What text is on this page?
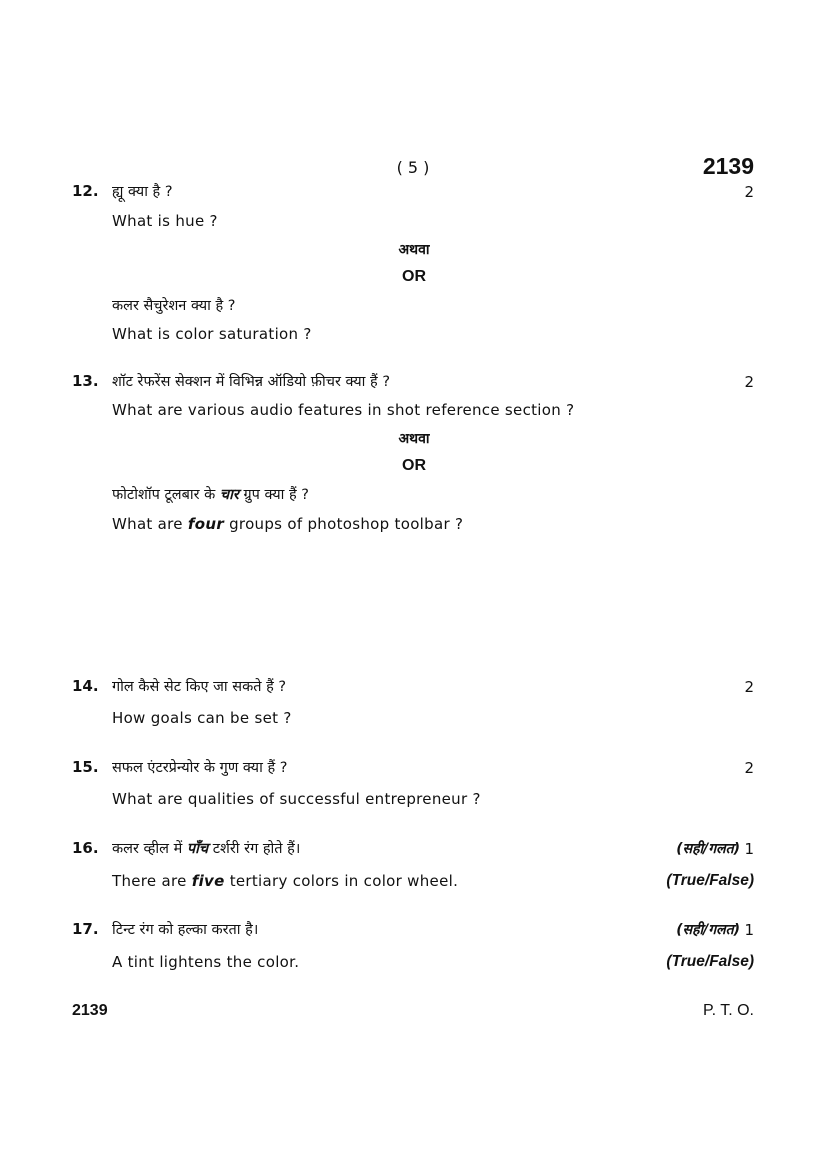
( 5 )	2139
12. ह्यू क्या है ?	2
What is hue ?
अथवा
OR
कलर सैचुरेशन क्या है ?
What is color saturation ?
13. शॉट रेफरेंस सेक्शन में विभिन्न ऑडियो फ़ीचर क्या हैं ?	2
What are various audio features in shot reference section ?
अथवा
OR
फोटोशॉप टूलबार के चार ग्रुप क्या हैं ?
What are four groups of photoshop toolbar ?
14. गोल कैसे सेट किए जा सकते हैं ?	2
How goals can be set ?
15. सफल एंटरप्रेन्योर के गुण क्या हैं ?	2
What are qualities of successful entrepreneur ?
16. कलर व्हील में पाँच टर्शरी रंग होते हैं।	(सही/गलत) 1
There are five tertiary colors in color wheel.	(True/False)
17. टिन्ट रंग को हल्का करता है।	(सही/गलत) 1
A tint lightens the color.	(True/False)
2139	P. T. O.
